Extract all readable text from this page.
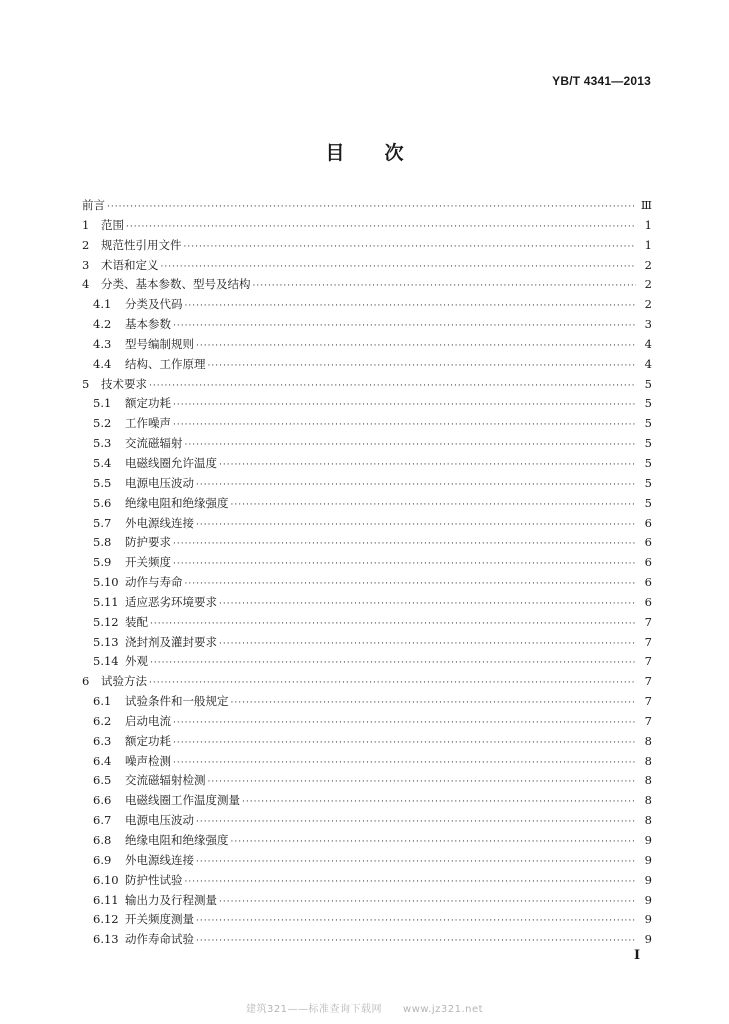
YB/T 4341—2013
目次
前言 ·····	Ⅲ
1	范围 ·····	1
2	规范性引用文件 ·····	1
3	术语和定义 ·····	2
4	分类、基本参数、型号及结构 ·····	2
4.1	分类及代码 ·····	2
4.2	基本参数 ·····	3
4.3	型号编制规则 ·····	4
4.4	结构、工作原理 ·····	4
5	技术要求 ·····	5
5.1	额定功耗 ·····	5
5.2	工作噪声 ·····	5
5.3	交流磁辐射 ·····	5
5.4	电磁线圈允许温度 ·····	5
5.5	电源电压波动 ·····	5
5.6	绝缘电阻和绝缘强度 ·····	5
5.7	外电源线连接 ·····	6
5.8	防护要求 ·····	6
5.9	开关频度 ·····	6
5.10 动作与寿命 ·····	6
5.11 适应恶劣环境要求 ·····	6
5.12 装配 ·····	7
5.13 浇封剂及灌封要求 ·····	7
5.14 外观 ·····	7
6	试验方法 ·····	7
6.1	试验条件和一般规定 ·····	7
6.2	启动电流 ·····	7
6.3	额定功耗 ·····	8
6.4	噪声检测 ·····	8
6.5	交流磁辐射检测 ·····	8
6.6	电磁线圈工作温度测量 ·····	8
6.7	电源电压波动 ·····	8
6.8	绝缘电阻和绝缘强度 ·····	9
6.9	外电源线连接 ·····	9
6.10 防护性试验 ·····	9
6.11 输出力及行程测量 ·····	9
6.12 开关频度测量 ·····	9
6.13 动作寿命试验 ·····	9
I
建筑321——标准查询下载网　　www.jz321.net
